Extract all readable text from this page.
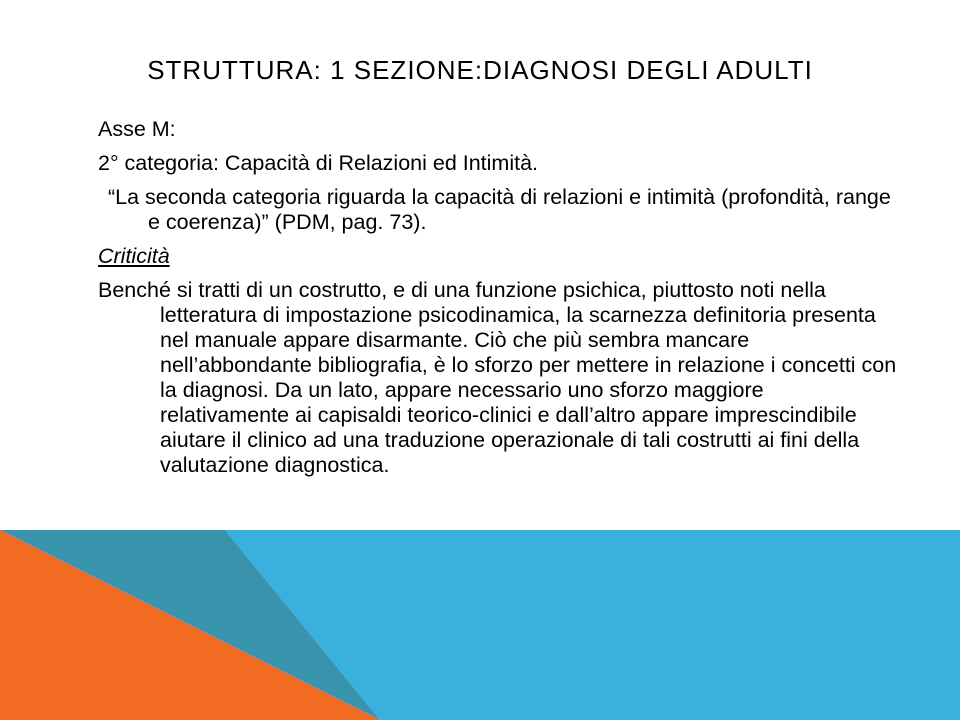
STRUTTURA: 1 SEZIONE:DIAGNOSI DEGLI ADULTI

Asse M:

2° categoria: Capacità di Relazioni ed Intimità.

“La seconda categoria riguarda la capacità di relazioni e intimità (profondità, range e coerenza)” (PDM, pag. 73).

Criticità

Benché si tratti di un costrutto, e di una funzione psichica, piuttosto noti nella letteratura di impostazione psicodinamica, la scarnezza definitoria presenta nel manuale appare disarmante. Ciò che più sembra mancare nell’abbondante bibliografia, è lo sforzo per mettere in relazione i concetti con la diagnosi. Da un lato, appare necessario uno sforzo maggiore relativamente ai capisaldi teorico-clinici e dall’altro appare imprescindibile aiutare il clinico ad una traduzione operazionale di tali costrutti ai fini della valutazione diagnostica.
